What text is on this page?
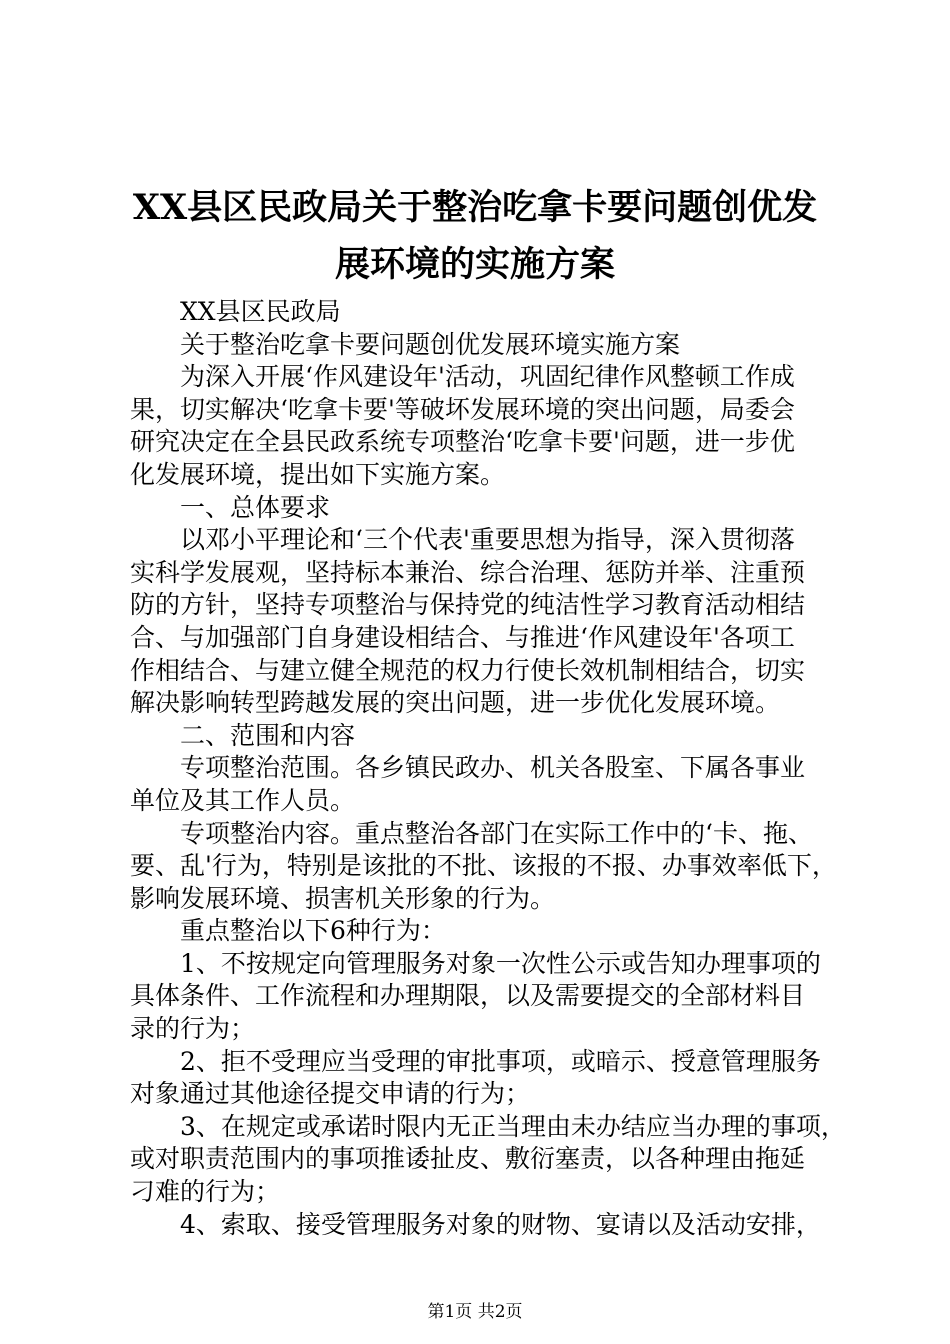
XX县区民政局关于整治吃拿卡要问题创优发
展环境的实施方案
XX县区民政局
关于整治吃拿卡要问题创优发展环境实施方案
为深入开展‘作风建设年'活动，巩固纪律作风整顿工作成
果，切实解决‘吃拿卡要'等破坏发展环境的突出问题，局委会
研究决定在全县民政系统专项整治‘吃拿卡要'问题，进一步优
化发展环境，提出如下实施方案。
一、总体要求
以邓小平理论和‘三个代表'重要思想为指导，深入贯彻落
实科学发展观，坚持标本兼治、综合治理、惩防并举、注重预
防的方针，坚持专项整治与保持党的纯洁性学习教育活动相结
合、与加强部门自身建设相结合、与推进‘作风建设年'各项工
作相结合、与建立健全规范的权力行使长效机制相结合，切实
解决影响转型跨越发展的突出问题，进一步优化发展环境。
二、范围和内容
专项整治范围。各乡镇民政办、机关各股室、下属各事业
单位及其工作人员。
专项整治内容。重点整治各部门在实际工作中的‘卡、拖、
要、乱'行为，特别是该批的不批、该报的不报、办事效率低下，
影响发展环境、损害机关形象的行为。
重点整治以下6种行为：
1、不按规定向管理服务对象一次性公示或告知办理事项的
具体条件、工作流程和办理期限，以及需要提交的全部材料目
录的行为；
2、拒不受理应当受理的审批事项，或暗示、授意管理服务
对象通过其他途径提交申请的行为；
3、在规定或承诺时限内无正当理由未办结应当办理的事项，
或对职责范围内的事项推诿扯皮、敷衍塞责，以各种理由拖延
刁难的行为；
4、索取、接受管理服务对象的财物、宴请以及活动安排，
第1页 共2页
